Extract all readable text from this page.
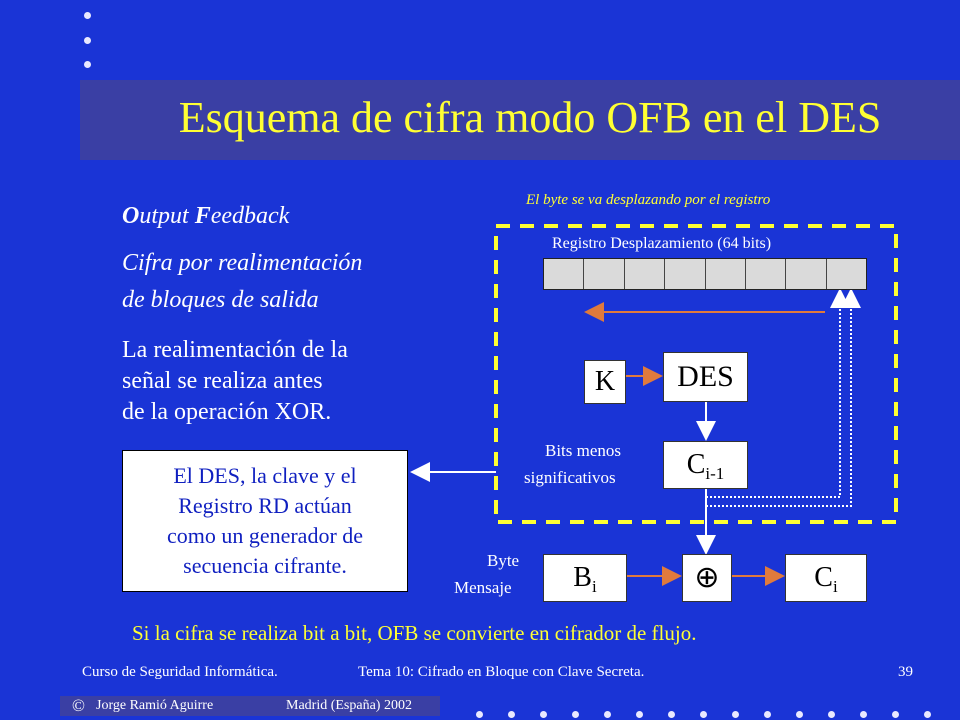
Esquema de cifra modo OFB en el DES
Output Feedback
Cifra por realimentación
de bloques de salida
La realimentación de la
señal se realiza antes
de la operación XOR.
El DES, la clave y el
Registro RD actúan
como un generador de
secuencia cifrante.
El byte se va desplazando por el registro
Registro Desplazamiento (64 bits)
K	DES
Bits menos
significativos	$C_{i-1}$
Byte
Mensaje	$B_i$	⊕	$C_i$
Si la cifra se realiza bit a bit, OFB se convierte en cifrador de flujo.
Curso de Seguridad Informática.	Tema 10: Cifrado en Bloque con Clave Secreta.	39
© Jorge Ramió Aguirre	Madrid (España) 2002
